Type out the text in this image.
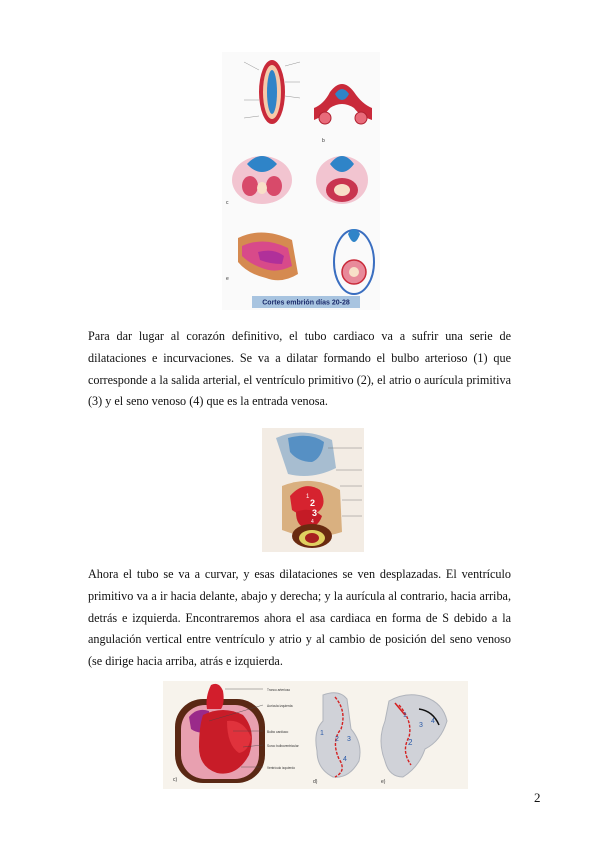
b
c
e
Cortes embrión días 20-28

Para dar lugar al corazón definitivo, el tubo cardiaco va a sufrir una serie de dilataciones e incurvaciones. Se va a dilatar formando el bulbo arterioso (1) que corresponde a la salida arterial, el ventrículo primitivo (2), el atrio o aurícula primitiva (3) y el seno venoso (4) que es la entrada venosa.

1
2
3
4

Ahora el tubo se va a curvar, y esas dilataciones se ven desplazadas. El ventrículo primitivo va a ir hacia delante, abajo y derecha; y la aurícula al contrario, hacia arriba, detrás e izquierda. Encontraremos ahora el asa cardiaca en forma de S debido a la angulación vertical entre ventrículo y atrio y al cambio de posición del seno venoso (se dirige hacia arriba, atrás e izquierda.

c)
Tronco arterioso
Aurícula izquierda
Bulbo cardíaco
Surco bulboventricular
Ventrículo izquierdo
1
2 3
4
d)
1
2
3
4
e)
2
